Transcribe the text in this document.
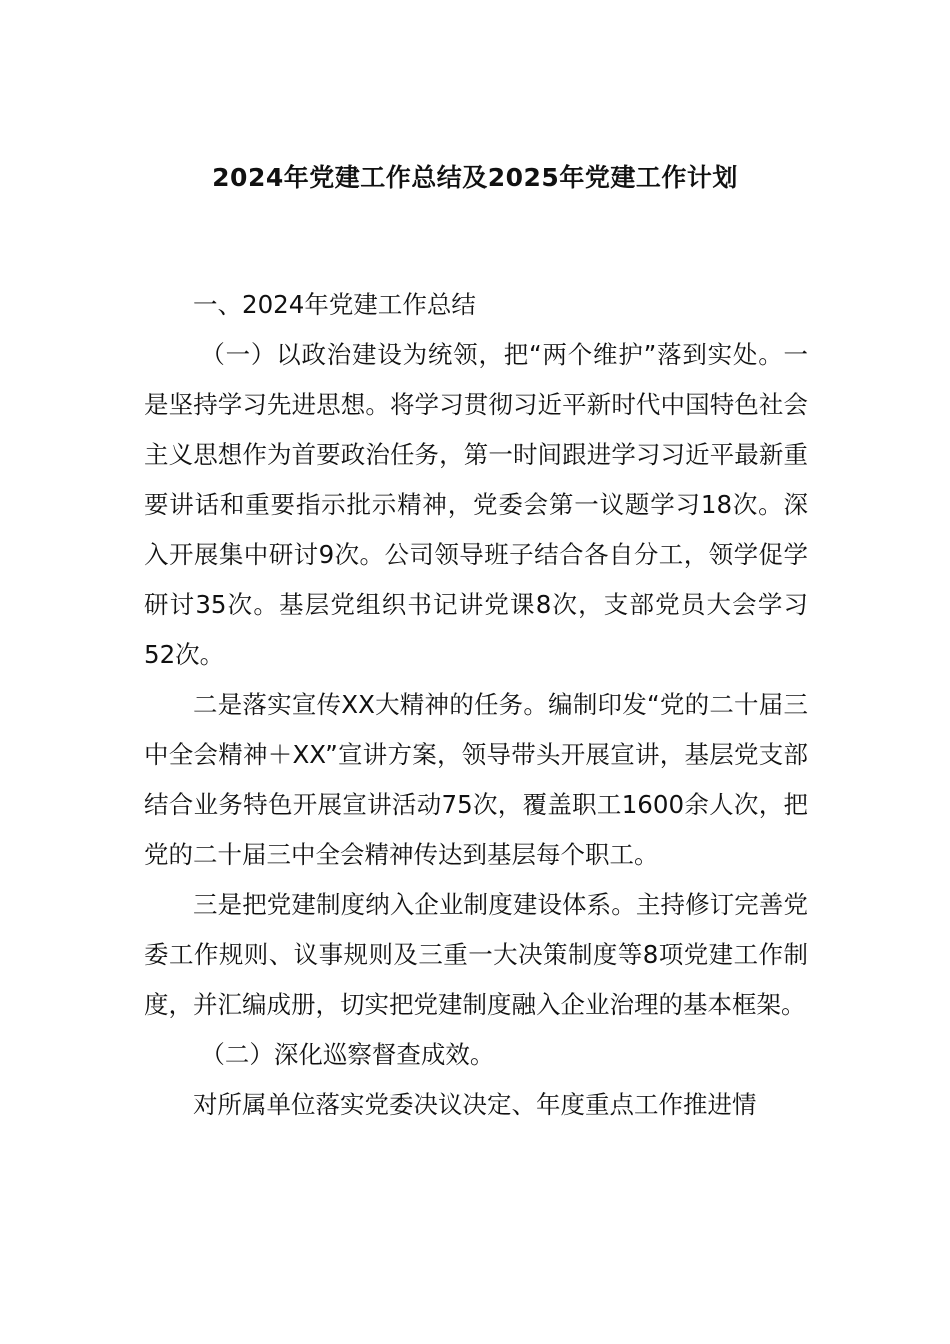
2024年党建工作总结及2025年党建工作计划

一、2024年党建工作总结

（一）以政治建设为统领，把“两个维护”落到实处。一是坚持学习先进思想。将学习贯彻习近平新时代中国特色社会主义思想作为首要政治任务，第一时间跟进学习习近平最新重要讲话和重要指示批示精神，党委会第一议题学习18次。深入开展集中研讨9次。公司领导班子结合各自分工，领学促学研讨35次。基层党组织书记讲党课8次，支部党员大会学习52次。

二是落实宣传XX大精神的任务。编制印发“党的二十届三中全会精神＋XX”宣讲方案，领导带头开展宣讲，基层党支部结合业务特色开展宣讲活动75次，覆盖职工1600余人次，把党的二十届三中全会精神传达到基层每个职工。

三是把党建制度纳入企业制度建设体系。主持修订完善党委工作规则、议事规则及三重一大决策制度等8项党建工作制度，并汇编成册，切实把党建制度融入企业治理的基本框架。

（二）深化巡察督查成效。

对所属单位落实党委决议决定、年度重点工作推进情
